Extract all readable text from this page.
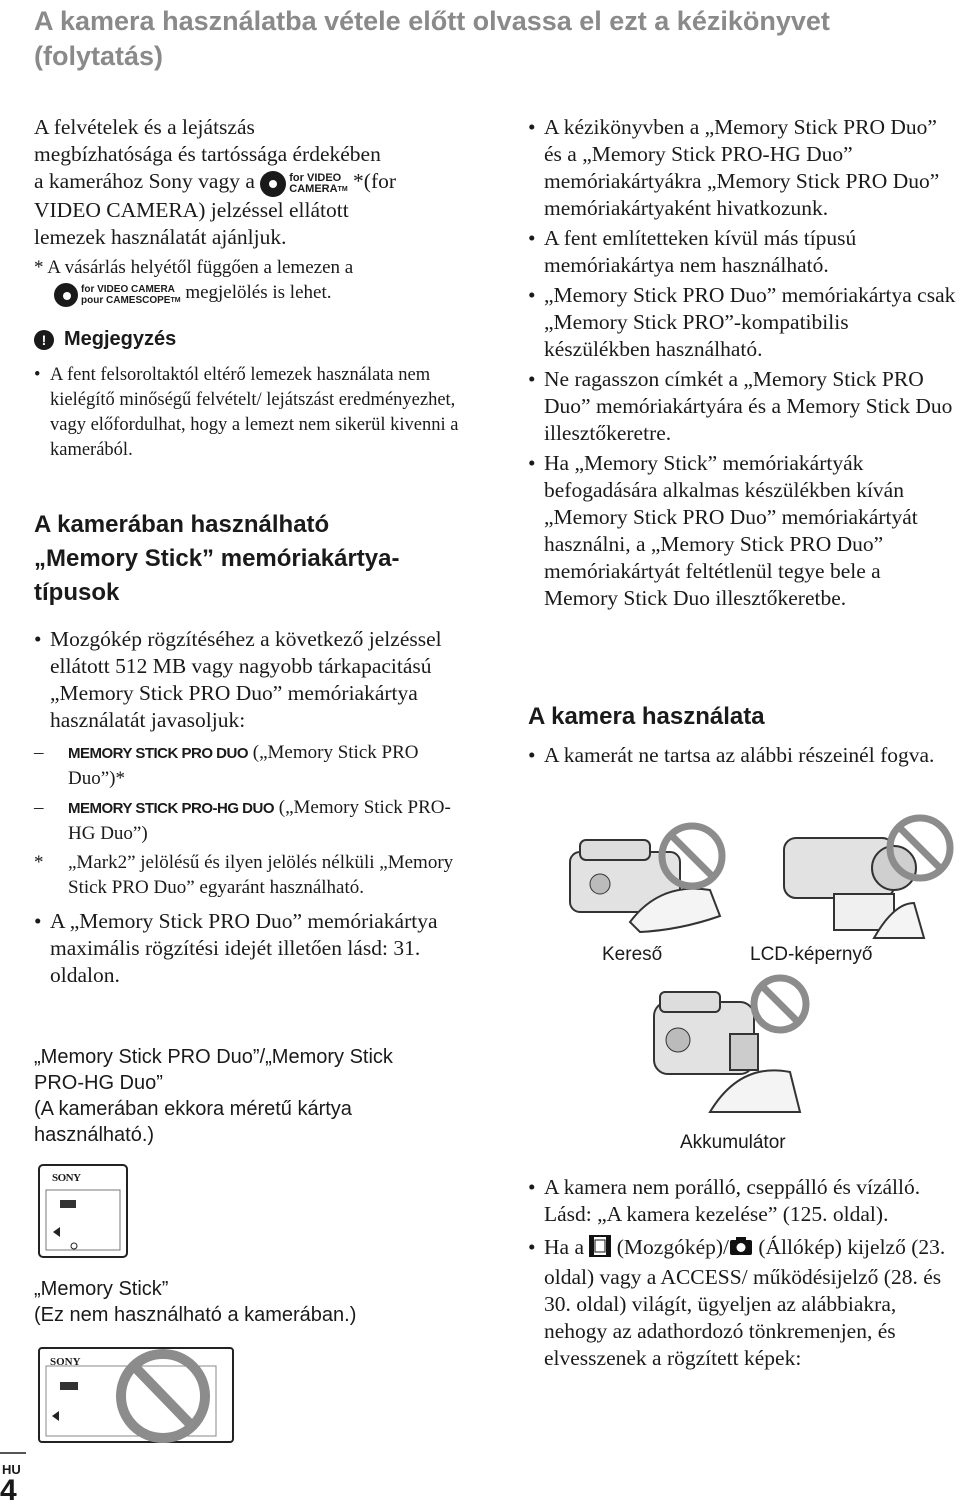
A kamera használatba vétele előtt olvassa el ezt a kézikönyvet (folytatás)

A felvételek és a lejátszás

megbízhatósága és tartóssága érdekében

a kamerához Sony vagy a	for VIDEO
CAMERATM *(for

VIDEO CAMERA) jelzéssel ellátott

lemezek használatát ajánljuk.

* A vásárlás helyétől függően a lemezen a

for VIDEO CAMERA
pour CAMESCOPETM megjelölés is lehet.

! Megjegyzés
• A fent felsoroltaktól eltérő lemezek használata nem kielégítő minőségű felvételt/ lejátszást eredményezhet, vagy előfordulhat, hogy a lemezt nem sikerül kivenni a kamerából.

A kamerában használható

„Memory Stick” memóriakártya-

típusok

• Mozgókép rögzítéséhez a következő jelzéssel ellátott 512 MB vagy nagyobb tárkapacitású „Memory Stick PRO Duo” memóriakártya használatát javasoljuk:
–	MEMORY STICK PRO DUO („Memory Stick PRO Duo”)*
–	MEMORY STICK PRO-HG DUO („Memory Stick PRO-HG Duo”)
*	„Mark2” jelölésű és ilyen jelölés nélküli „Memory Stick PRO Duo” egyaránt használható.
• A „Memory Stick PRO Duo” memóriakártya maximális rögzítési idejét illetően lásd: 31. oldalon.
„Memory Stick PRO Duo”/„Memory Stick
PRO-HG Duo”
(A kamerában ekkora méretű kártya
használható.)
SONY
„Memory Stick”
(Ez nem használható a kamerában.)
SONY
• A kézikönyvben a „Memory Stick PRO Duo” és a „Memory Stick PRO-HG Duo” memóriakártyákra „Memory Stick PRO Duo” memóriakártyaként hivatkozunk.
• A fent említetteken kívül más típusú memóriakártya nem használható.
• „Memory Stick PRO Duo” memóriakártya csak „Memory Stick PRO”-kompatibilis készülékben használható.
• Ne ragasszon címkét a „Memory Stick PRO Duo” memóriakártyára és a Memory Stick Duo illesztőkeretre.
• Ha „Memory Stick” memóriakártyák befogadására alkalmas készülékben kíván „Memory Stick PRO Duo” memóriakártyát használni, a „Memory Stick PRO Duo” memóriakártyát feltétlenül tegye bele a Memory Stick Duo illesztőkeretbe.

A kamera használata

• A kamerát ne tartsa az alábbi részeinél fogva.
Kereső	LCD-képernyő
Akkumulátor
• A kamera nem porálló, cseppálló és vízálló. Lásd: „A kamera kezelése” (125. oldal).
• Ha a (Mozgókép)/ (Állókép) kijelző (23. oldal) vagy a ACCESS/ működésijelző (28. és 30. oldal) világít, ügyeljen az alábbiakra, nehogy az adathordozó tönkremenjen, és elvesszenek a rögzített képek:
HU
4
